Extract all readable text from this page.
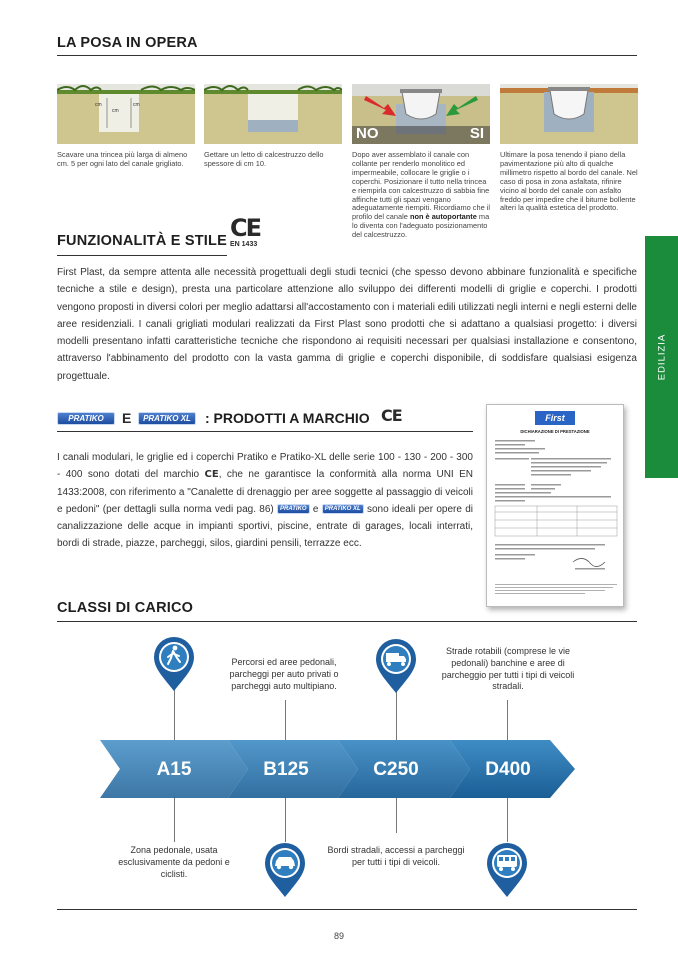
LA POSA IN OPERA
cm
cm
cm
NO	SI
Scavare una trincea più larga di almeno cm. 5 per ogni lato del canale grigliato.
Gettare un letto di calcestruzzo dello spessore di cm 10.
Dopo aver assemblato il canale con collante per renderlo monolitico ed impermeabile, collocare le griglie o i coperchi. Posizionare il tutto nella trincea e riempirla con calcestruzzo di sabbia fine affinche tutti gli spazi vengano adeguatamente riempiti. Ricordiamo che il profilo del canale non è autoportante ma lo diventa con l'adeguato posizionamento del calcestruzzo.
Ultimare la posa tenendo il piano della pavimentazione più alto di qualche millimetro rispetto al bordo del canale. Nel caso di posa in zona asfaltata, rifinire vicino al bordo del canale con asfalto freddo per impedire che il bitume bollente alteri la qualità estetica del prodotto.
FUNZIONALITÀ E STILE CE
EN 1433
First Plast, da sempre attenta alle necessità progettuali degli studi tecnici (che spesso devono abbinare funzionalità e specifiche tecniche a stile e design), presta una particolare attenzione allo sviluppo dei differenti modelli di griglie e coperchi. I prodotti vengono proposti in diversi colori per meglio adattarsi all'accostamento con i materiali edili utilizzati negli interni e negli esterni delle aree residenziali. I canali grigliati modulari realizzati da First Plast sono prodotti che si adattano a qualsiasi progetto: i diversi modelli presentano infatti caratteristiche tecniche che rispondono ai requisiti necessari per qualsiasi installazione e consentono, attraverso l'abbinamento del prodotto con la vasta gamma di griglie e coperchi disponibile, di soddisfare qualsiasi esigenza progettuale.	EDILIZIA
PRATIKO	E	PRATIKO XL	: PRODOTTI A MARCHIO CE
I canali modulari, le griglie ed i coperchi Pratiko e Pratiko-XL delle serie 100 - 130 - 200 - 300 - 400 sono dotati del marchio CE, che ne garantisce la conformità alla norma UNI EN 1433:2008, con riferimento a "Canalette di drenaggio per aree soggette al passaggio di veicoli e pedoni" (per dettagli sulla norma vedi pag. 86) PRATIKO e PRATIKO XL sono ideali per opere di canalizzazione delle acque in impianti sportivi, piscine, entrate di garages, locali interrati, bordi di strade, piazze, parcheggi, silos, giardini pensili, terrazze ecc.
First
DICHIARAZIONE DI PRESTAZIONE
CLASSI DI CARICO
A15	B125	C250	D400
Percorsi ed aree pedonali, parcheggi per auto privati o parcheggi auto multipiano.
Strade rotabili (comprese le vie pedonali) banchine e aree di parcheggio per tutti i tipi di veicoli stradali.
Zona pedonale, usata esclusivamente da pedoni e ciclisti.
Bordi stradali, accessi a parcheggi per tutti i tipi di veicoli.
89
